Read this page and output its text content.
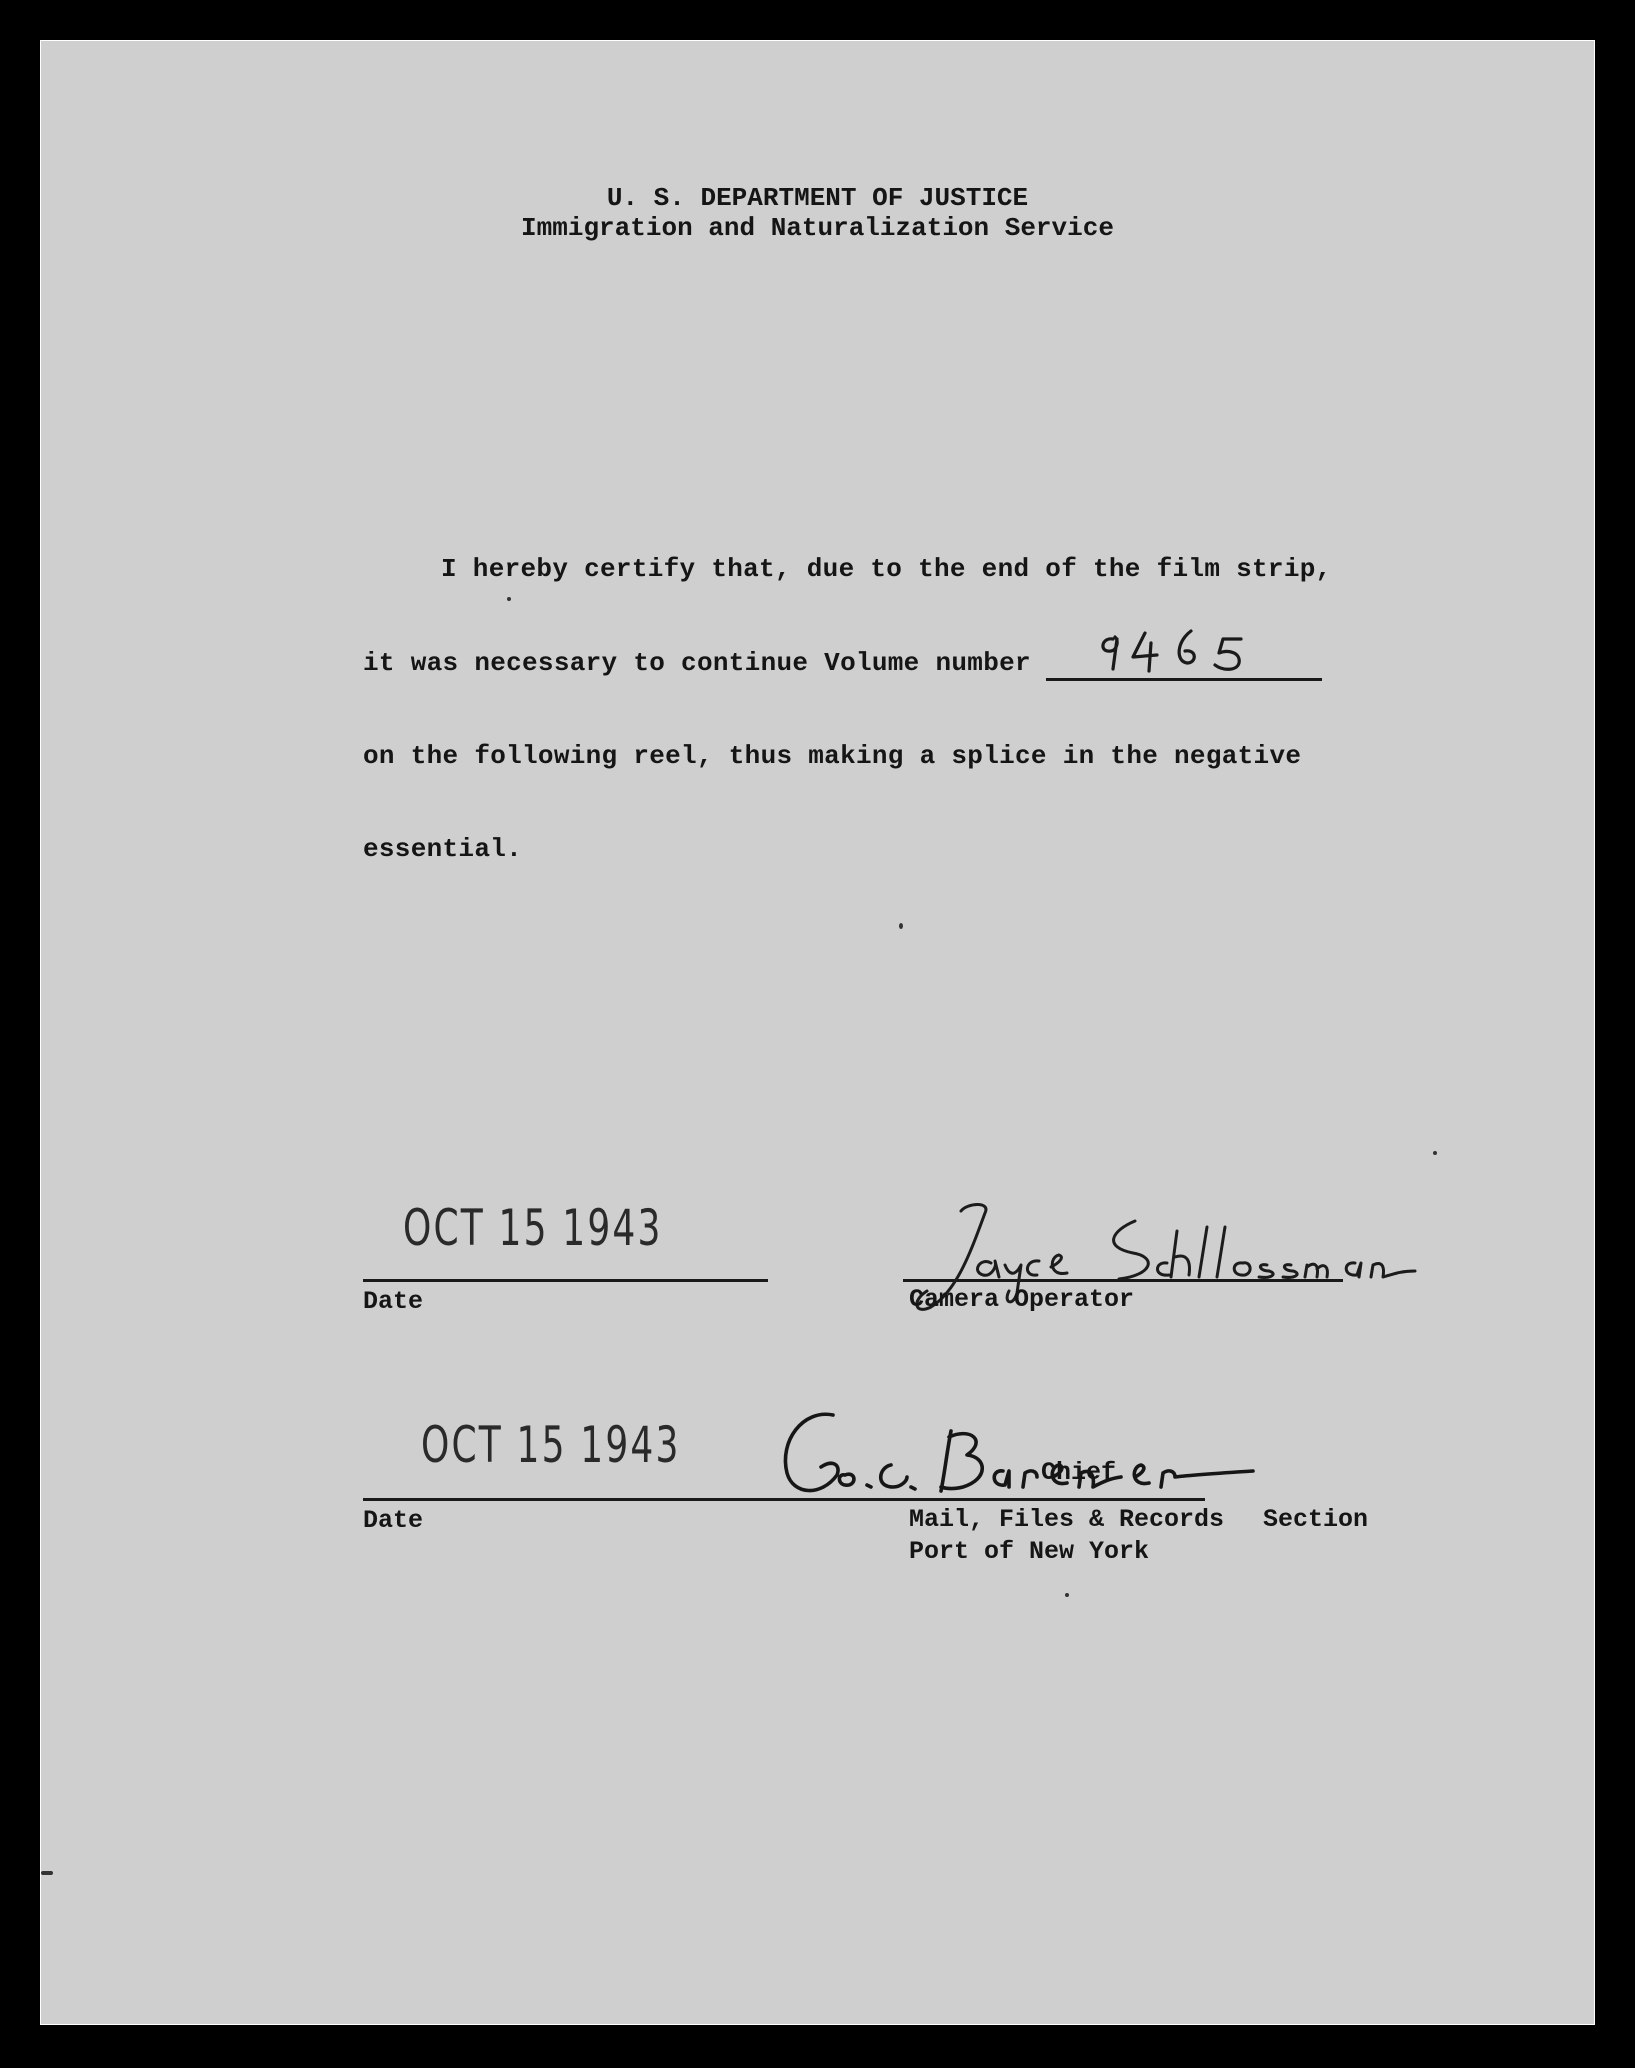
U. S. DEPARTMENT OF JUSTICE
Immigration and Naturalization Service
I hereby certify that, due to the end of the film strip,
it was necessary to continue Volume number
on the following reel, thus making a splice in the negative
essential.
OCT 15 1943
Date	Camera Operator
OCT 15 1943
Date
Chief
Mail, Files & Records Section
Port of New York
